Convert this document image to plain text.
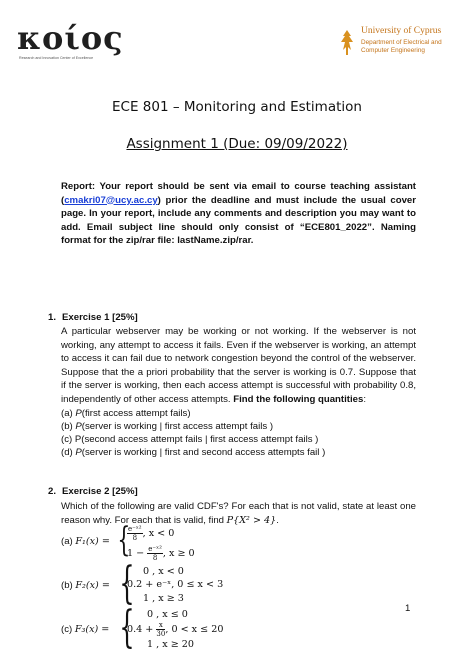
κοίος
Research and Innovation Center of Excellence
University of Cyprus
Department of Electrical and
Computer Engineering
ECE 801 – Monitoring and Estimation
Assignment 1 (Due: 09/09/2022)
Report: Your report should be sent via email to course teaching assistant (cmakri07@ucy.ac.cy) prior the deadline and must include the usual cover page. In your report, include any comments and description you may want to add. Email subject line should only consist of “ECE801_2022”. Naming format for the zip/rar file: lastName.zip/rar.
1. Exercise 1 [25%]
A particular webserver may be working or not working. If the webserver is not working, any attempt to access it fails. Even if the webserver is working, an attempt to access it can fail due to network congestion beyond the control of the webserver. Suppose that the a priori probability that the server is working is 0.7. Suppose that if the server is working, then each access attempt is successful with probability 0.8, independently of other access attempts. Find the following quantities:
(a) P(first access attempt fails)
(b) P(server is working | first access attempt fails )
(c) P(second access attempt fails | first access attempt fails )
(d) P(server is working | first and second access attempts fail )
2. Exercise 2 [25%]
Which of the following are valid CDF's? For each that is not valid, state at least one reason why. For each that is valid, find P{X² > 4}.
(a) F₁(x) = {
$\frac{\text{e⁻ˣ²}}{8}$ , x < 0
$1 - \frac{\text{e⁻ˣ²}}{8}$ , x ≥ 0
(b) F₂(x) = { 0 , x < 0
0.2 + e⁻ˣ, 0 ≤ x < 3
1 , x ≥ 3
(c) F₃(x) = { 0 , x ≤ 0
$0.4 + \frac{x}{30}$ , 0 < x ≤ 20
1 , x ≥ 20
1
